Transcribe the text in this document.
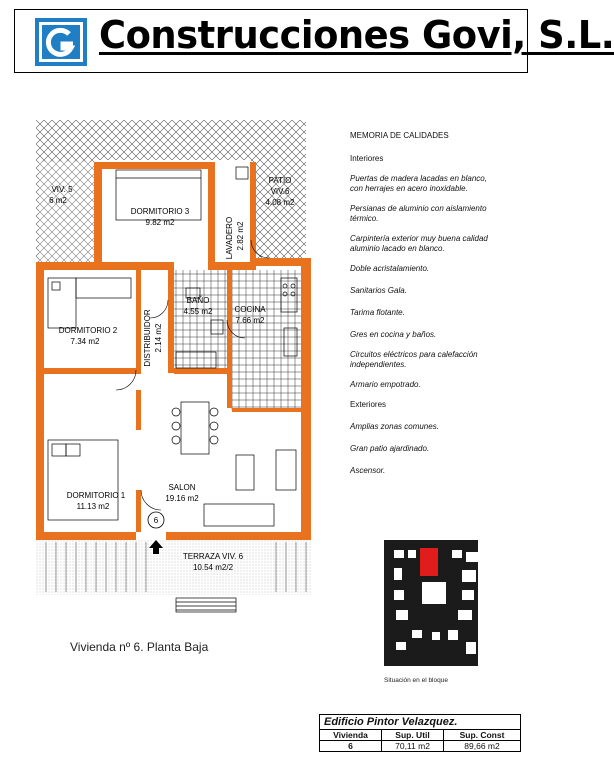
Construcciones Govi, S.L.
6
DORMITORIO 3
9.82 m2
PATIO
VIV.6
4.08 m2
VIV. 5
6 m2
LAVADERO 2.82 m2
DORMITORIO 2
7.34 m2	DISTRIBUIDOR 2.14 m2
BAÑO
4.55 m2	COCINA
7.66 m2
SALON
19.16 m2
DORMITORIO 1
11.13 m2
TERRAZA VIV. 6
10.54 m2/2

MEMORIA DE CALIDADES

Interiores

Puertas de madera lacadas en blanco, con herrajes en acero inoxidable.

Persianas de aluminio con aislamiento térmico.

Carpintería exterior muy buena calidad aluminio lacado en blanco.

Doble acristalamiento.

Sanitarios Gala.

Tarima flotante.

Gres en cocina y baños.

Circuitos eléctricos para calefacción independientes.

Armario empotrado.

Exteriores

Amplias zonas comunes.

Gran patio ajardinado.

Ascensor.

Vivienda nº 6. Planta Baja
Situación en el bloque
Edificio Pintor Velazquez.		
Vivienda	Sup. Util	Sup. Const
6	70,11 m2	89,66 m2
